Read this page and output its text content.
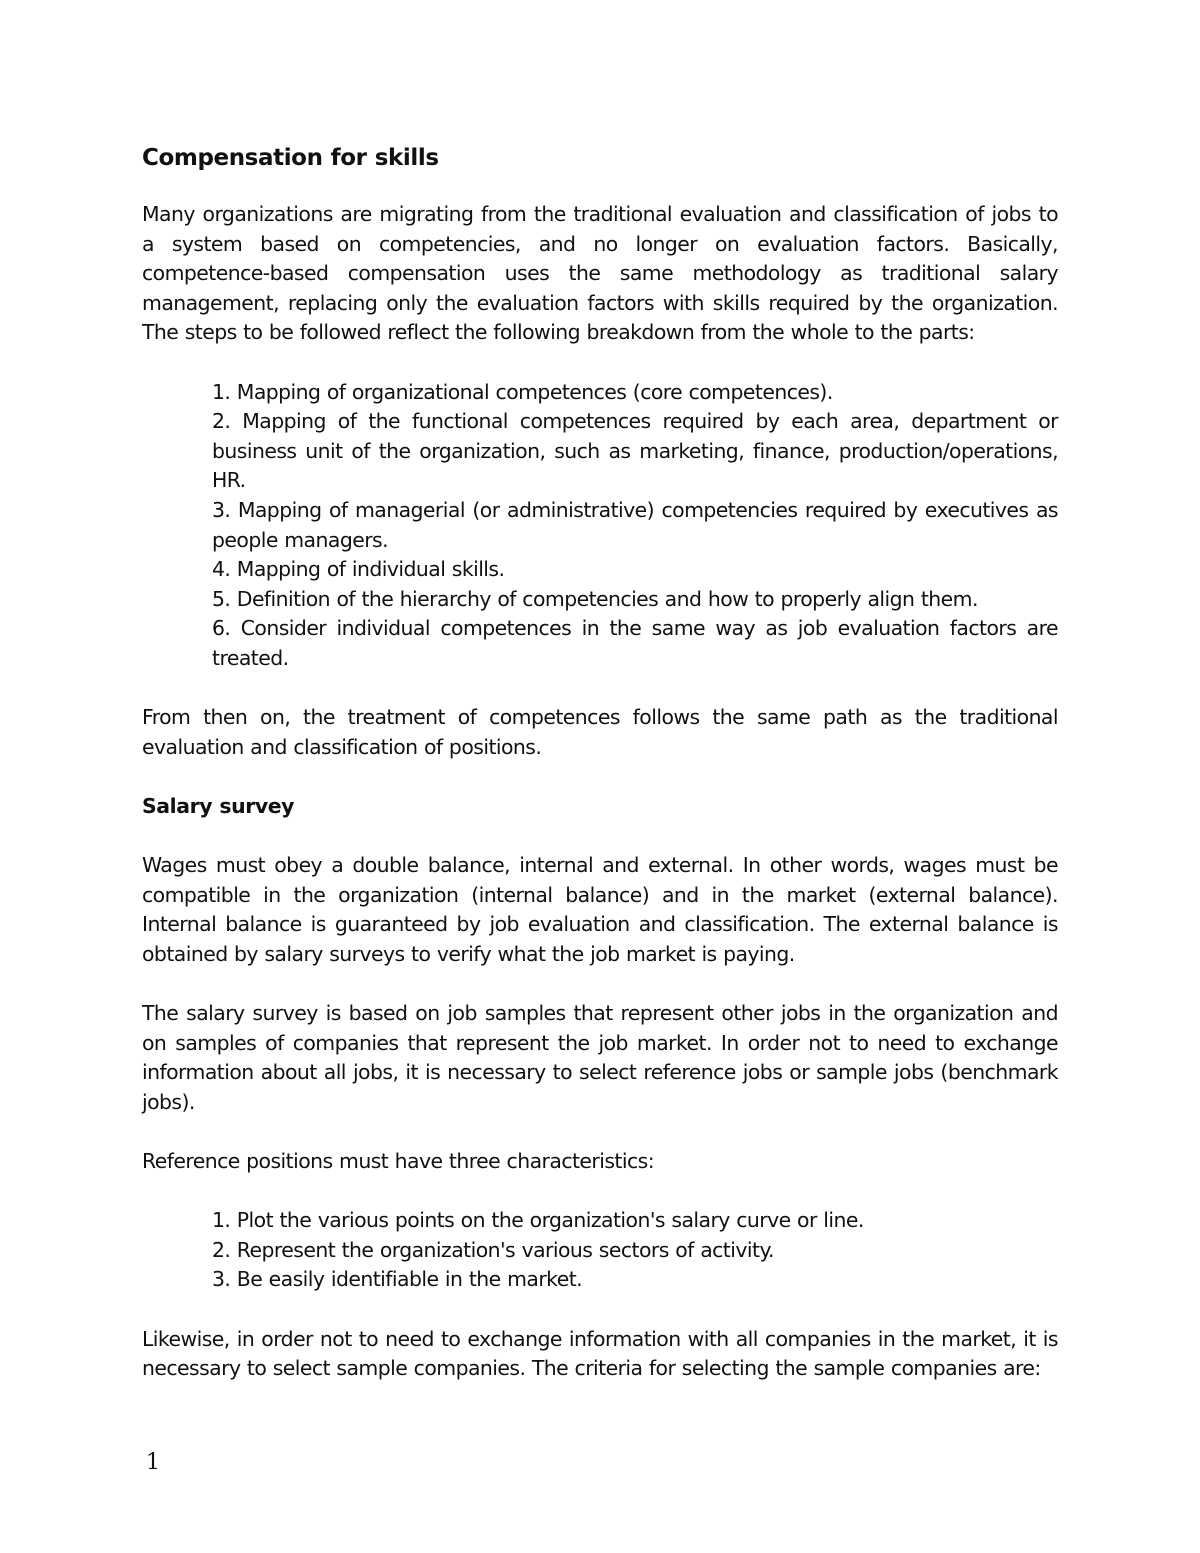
Compensation for skills

Many organizations are migrating from the traditional evaluation and classification of jobs to a system based on competencies, and no longer on evaluation factors. Basically, competence-based compensation uses the same methodology as traditional salary management, replacing only the evaluation factors with skills required by the organization. The steps to be followed reflect the following breakdown from the whole to the parts:

1. Mapping of organizational competences (core competences).
2. Mapping of the functional competences required by each area, department or business unit of the organization, such as marketing, finance, production/operations, HR.
3. Mapping of managerial (or administrative) competencies required by executives as people managers.
4. Mapping of individual skills.
5. Definition of the hierarchy of competencies and how to properly align them.
6. Consider individual competences in the same way as job evaluation factors are treated.

From then on, the treatment of competences follows the same path as the traditional evaluation and classification of positions.

Salary survey

Wages must obey a double balance, internal and external. In other words, wages must be compatible in the organization (internal balance) and in the market (external balance). Internal balance is guaranteed by job evaluation and classification. The external balance is obtained by salary surveys to verify what the job market is paying.

The salary survey is based on job samples that represent other jobs in the organization and on samples of companies that represent the job market. In order not to need to exchange information about all jobs, it is necessary to select reference jobs or sample jobs (benchmark jobs).

Reference positions must have three characteristics:

1. Plot the various points on the organization's salary curve or line.
2. Represent the organization's various sectors of activity.
3. Be easily identifiable in the market.

Likewise, in order not to need to exchange information with all companies in the market, it is necessary to select sample companies. The criteria for selecting the sample companies are:

1
